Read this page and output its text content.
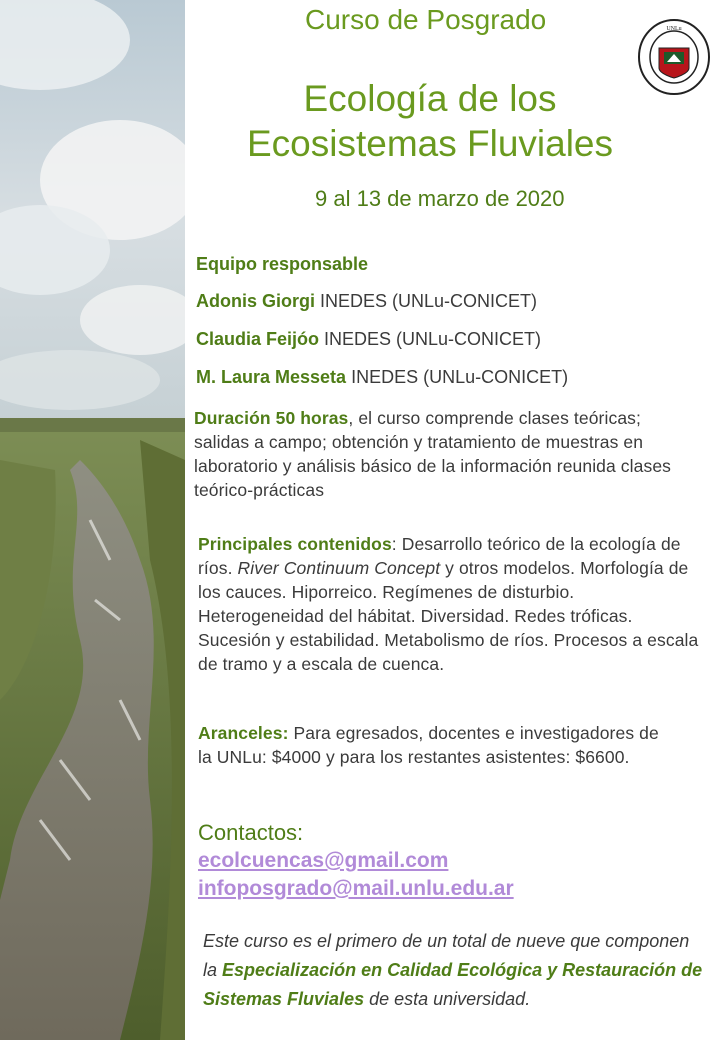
Curso de Posgrado
Ecología de los
Ecosistemas Fluviales
9 al 13 de marzo de 2020
UNLu
Equipo responsable
Adonis Giorgi INEDES (UNLu-CONICET)
Claudia Feijóo INEDES (UNLu-CONICET)
M. Laura Messeta INEDES (UNLu-CONICET)
Duración 50 horas, el curso comprende clases teóricas; salidas a campo; obtención y tratamiento de muestras en laboratorio y análisis básico de la información reunida clases teórico-prácticas
Principales contenidos: Desarrollo teórico de la ecología de ríos. River Continuum Concept y otros modelos. Morfología de los cauces. Hiporreico. Regímenes de disturbio. Heterogeneidad del hábitat. Diversidad. Redes tróficas. Sucesión y estabilidad. Metabolismo de ríos. Procesos a escala de tramo y a escala de cuenca.
Aranceles: Para egresados, docentes e investigadores de la UNLu: $4000 y para los restantes asistentes: $6600.
Contactos:
ecolcuencas@gmail.com
infoposgrado@mail.unlu.edu.ar
Este curso es el primero de un total de nueve que componen la Especialización en Calidad Ecológica y Restauración de Sistemas Fluviales de esta universidad.
